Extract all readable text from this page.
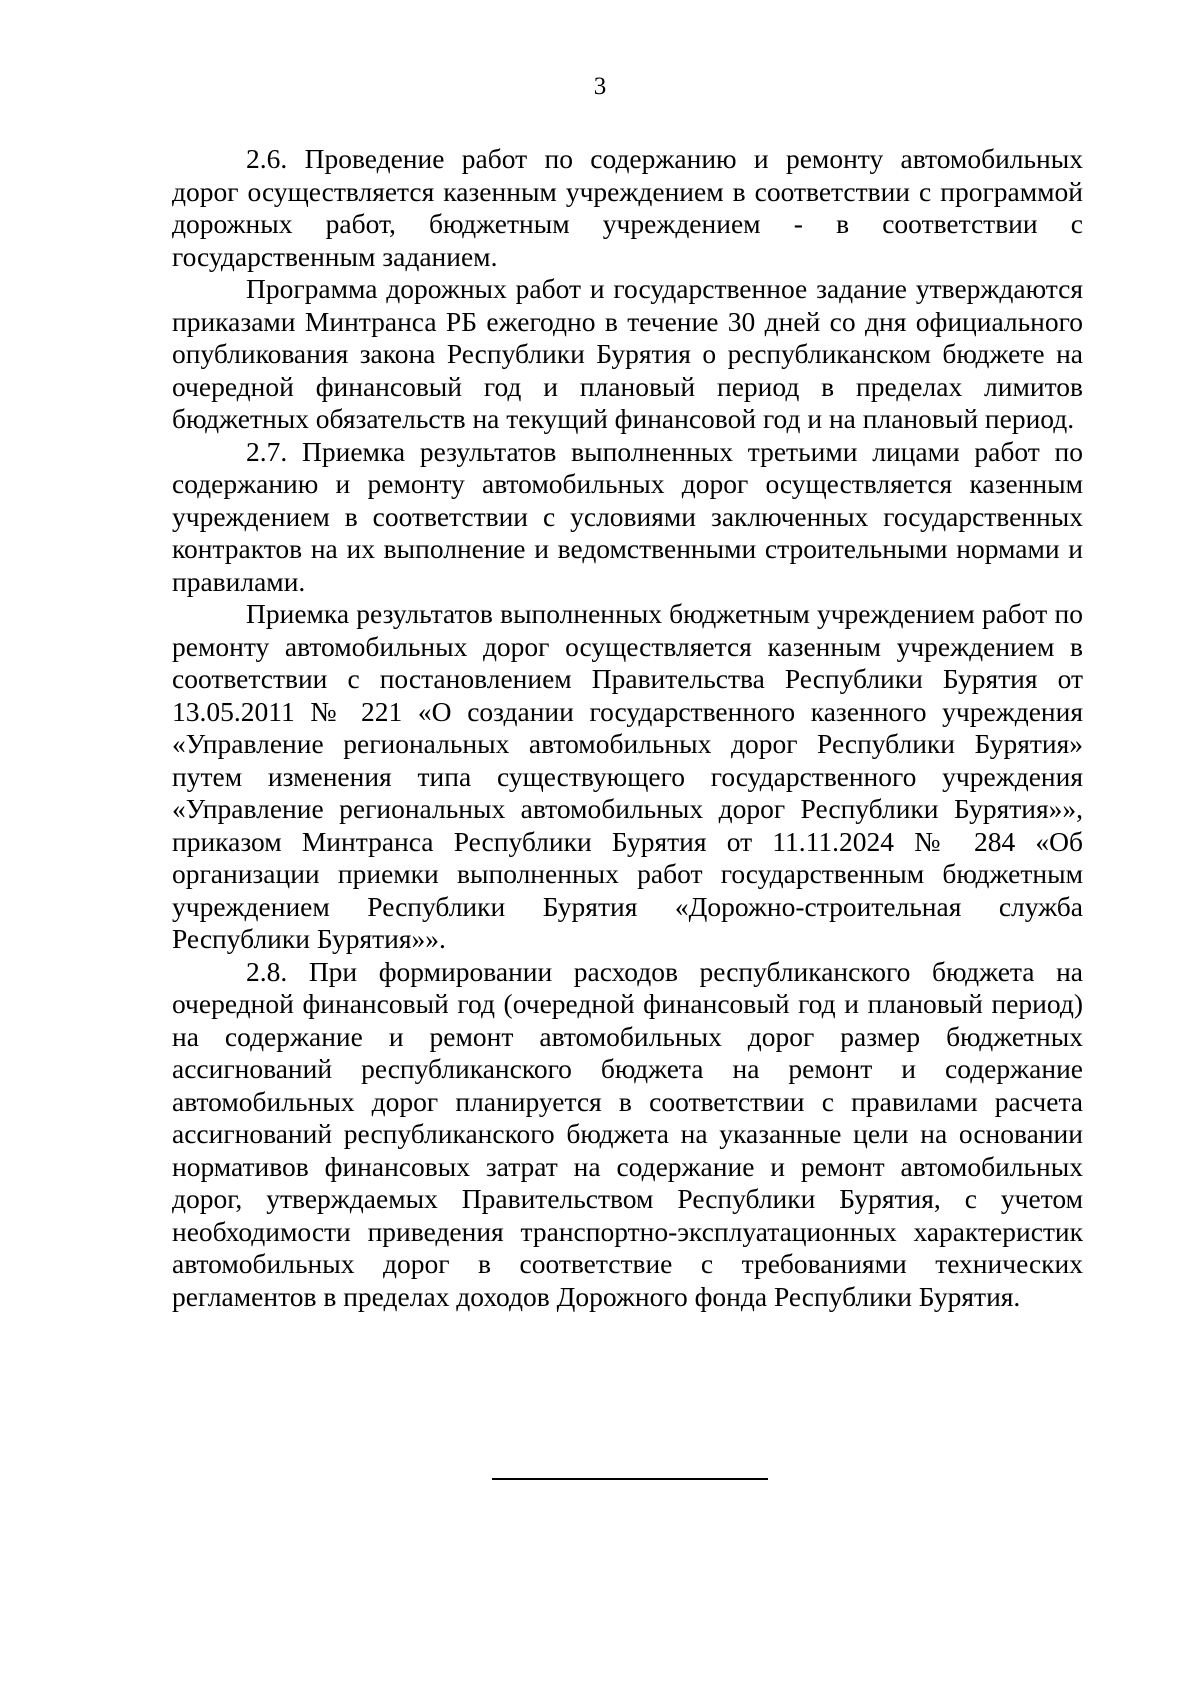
3

2.6. Проведение работ по содержанию и ремонту автомобильных дорог осуществляется казенным учреждением в соответствии с программой дорожных работ, бюджетным учреждением - в соответствии с государственным заданием.

Программа дорожных работ и государственное задание утверждаются приказами Минтранса РБ ежегодно в течение 30 дней со дня официального опубликования закона Республики Бурятия о республиканском бюджете на очередной финансовый год и плановый период в пределах лимитов бюджетных обязательств на текущий финансовой год и на плановый период.

2.7. Приемка результатов выполненных третьими лицами работ по содержанию и ремонту автомобильных дорог осуществляется казенным учреждением в соответствии с условиями заключенных государственных контрактов на их выполнение и ведомственными строительными нормами и правилами.

Приемка результатов выполненных бюджетным учреждением работ по ремонту автомобильных дорог осуществляется казенным учреждением в соответствии с постановлением Правительства Республики Бурятия от 13.05.2011 № 221 «О создании государственного казенного учреждения «Управление региональных автомобильных дорог Республики Бурятия» путем изменения типа существующего государственного учреждения «Управление региональных автомобильных дорог Республики Бурятия»», приказом Минтранса Республики Бурятия от 11.11.2024 № 284 «Об организации приемки выполненных работ государственным бюджетным учреждением Республики Бурятия «Дорожно-строительная служба Республики Бурятия»».

2.8. При формировании расходов республиканского бюджета на очередной финансовый год (очередной финансовый год и плановый период) на содержание и ремонт автомобильных дорог размер бюджетных ассигнований республиканского бюджета на ремонт и содержание автомобильных дорог планируется в соответствии с правилами расчета ассигнований республиканского бюджета на указанные цели на основании нормативов финансовых затрат на содержание и ремонт автомобильных дорог, утверждаемых Правительством Республики Бурятия, с учетом необходимости приведения транспортно-эксплуатационных характеристик автомобильных дорог в соответствие с требованиями технических регламентов в пределах доходов Дорожного фонда Республики Бурятия.
